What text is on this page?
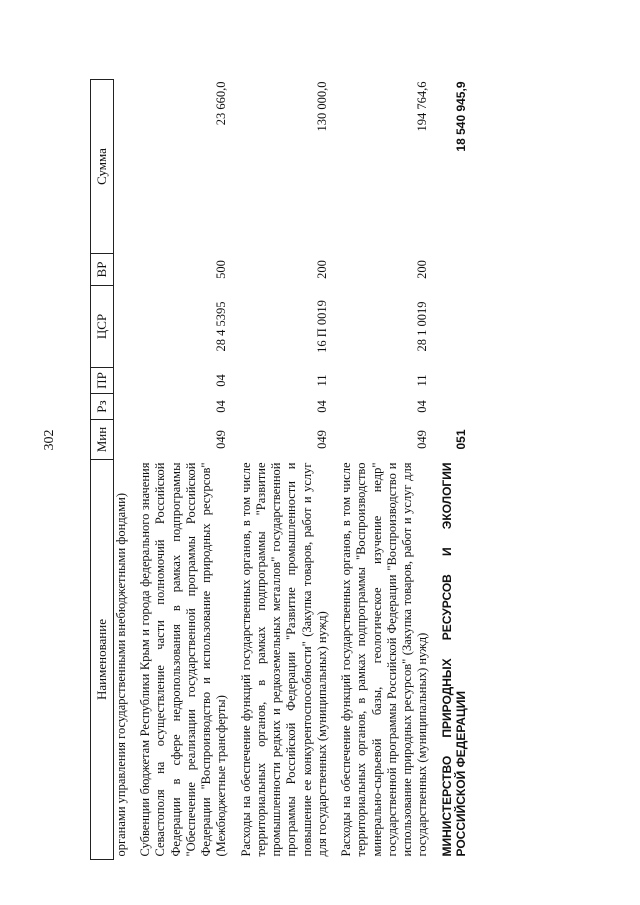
302
Наименование	Мин	Рз	ПР	ЦСР	ВР	Сумма
органами управления государственными внебюджетными фондами)						
Субвенции бюджетам Республики Крым и города федерального значения Севастополя на осуществление части полномочий Российской Федерации в сфере недропользования в рамках подпрограммы "Обеспечение реализации государственной программы Российской Федерации "Воспроизводство и использование природных ресурсов" (Межбюджетные трансферты)	049	04	04	28 4 5395	500	23 660,0
Расходы на обеспечение функций государственных органов, в том числе территориальных органов, в рамках подпрограммы "Развитие промышленности редких и редкоземельных металлов" государственной программы Российской Федерации "Развитие промышленности и повышение ее конкурентоспособности" (Закупка товаров, работ и услуг для государственных (муниципальных) нужд)	049	04	11	16 П 0019	200	130 000,0
Расходы на обеспечение функций государственных органов, в том числе территориальных органов, в рамках подпрограммы "Воспроизводство минерально-сырьевой базы, геологическое изучение недр" государственной программы Российской Федерации "Воспроизводство и использование природных ресурсов" (Закупка товаров, работ и услуг для государственных (муниципальных) нужд)	049	04	11	28 1 0019	200	194 764,6
МИНИСТЕРСТВО ПРИРОДНЫХ РЕСУРСОВ И ЭКОЛОГИИ РОССИЙСКОЙ ФЕДЕРАЦИИ	051					18 540 945,9
